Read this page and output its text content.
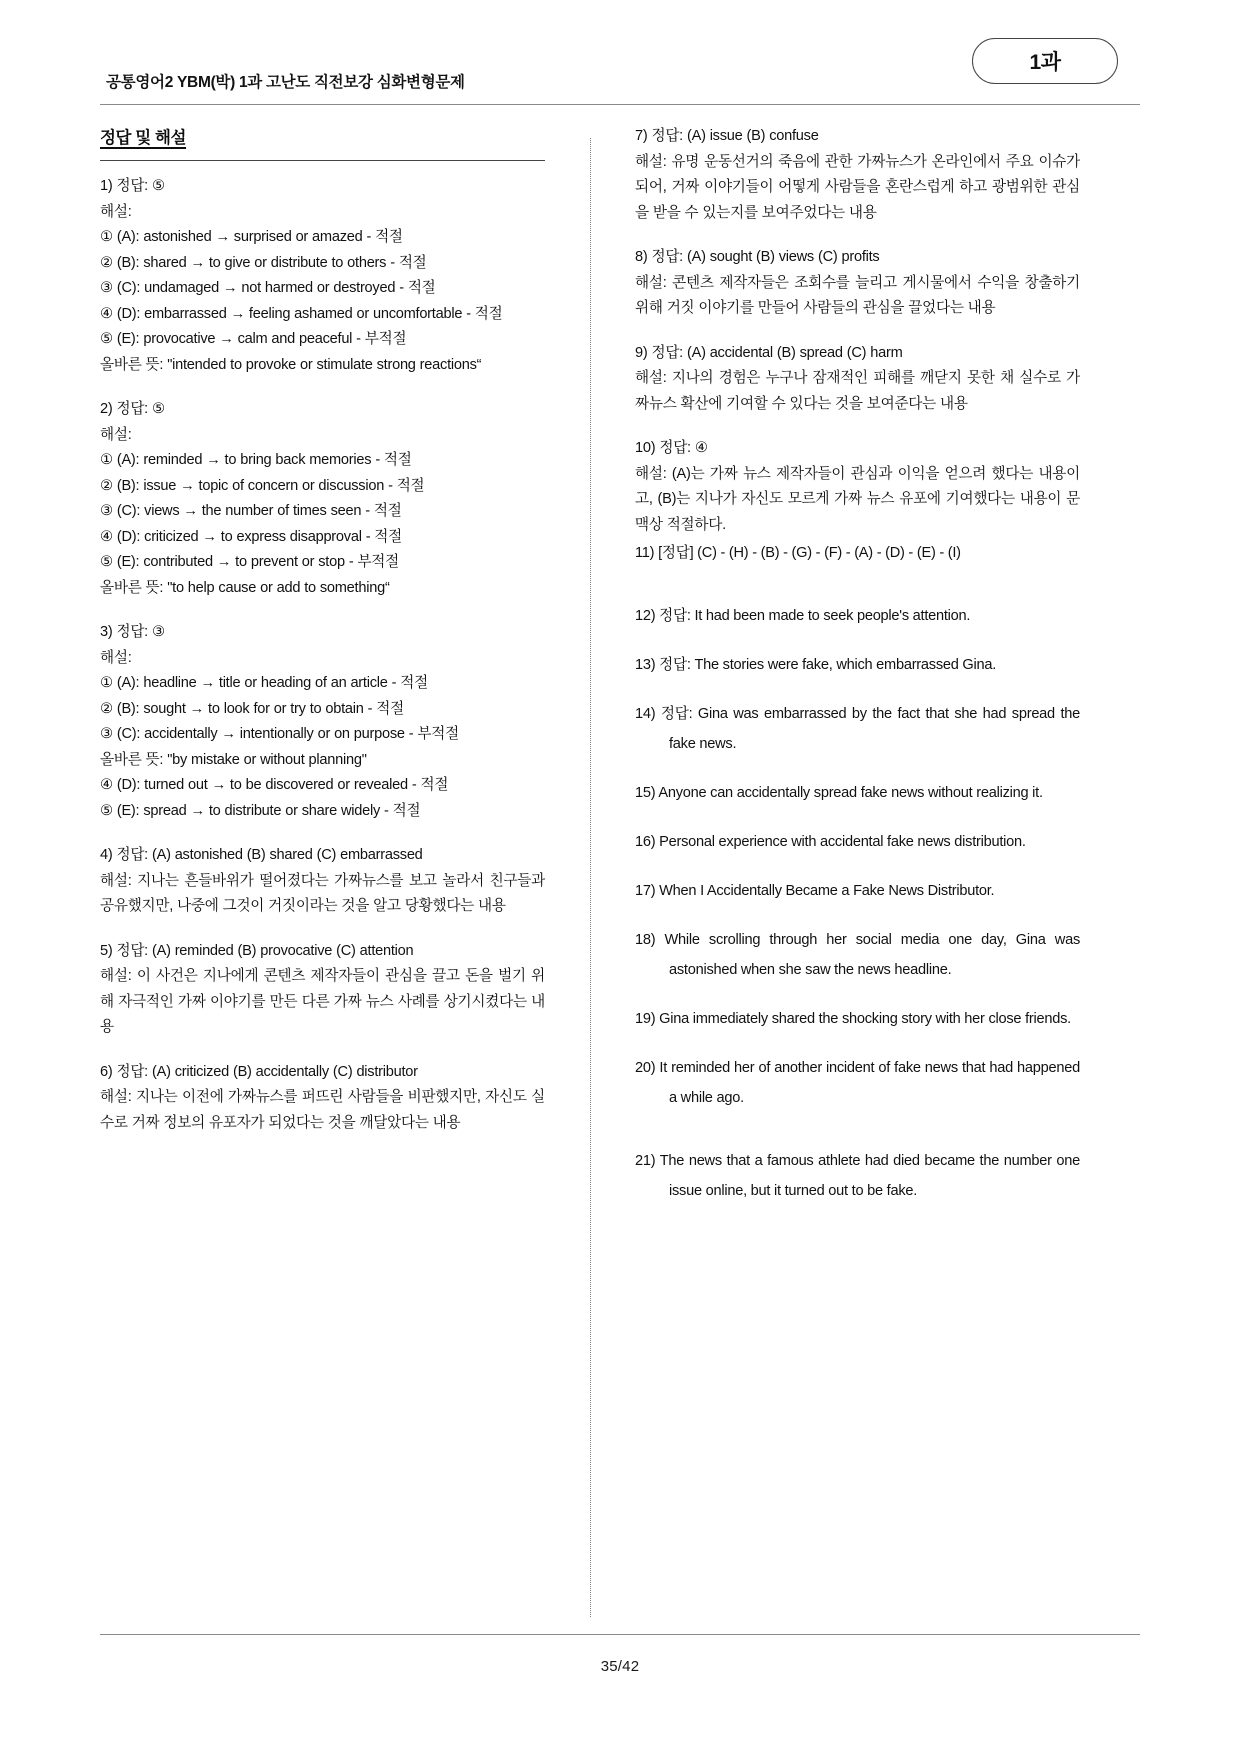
공통영어2 YBM(박) 1과 고난도 직전보강 심화변형문제
1과
정답 및 해설
1) 정답: ⑤
해설:
① (A): astonished → surprised or amazed - 적절
② (B): shared → to give or distribute to others - 적절
③ (C): undamaged → not harmed or destroyed - 적절
④ (D): embarrassed → feeling ashamed or uncomfortable - 적절
⑤ (E): provocative → calm and peaceful - 부적절
올바른 뜻: "intended to provoke or stimulate strong reactions“
2) 정답: ⑤
해설:
① (A): reminded → to bring back memories - 적절
② (B): issue → topic of concern or discussion - 적절
③ (C): views → the number of times seen - 적절
④ (D): criticized → to express disapproval - 적절
⑤ (E): contributed → to prevent or stop - 부적절
올바른 뜻: "to help cause or add to something“
3) 정답: ③
해설:
① (A): headline → title or heading of an article - 적절
② (B): sought → to look for or try to obtain - 적절
③ (C): accidentally → intentionally or on purpose - 부적절
올바른 뜻: "by mistake or without planning"
④ (D): turned out → to be discovered or revealed - 적절
⑤ (E): spread → to distribute or share widely - 적절
4) 정답: (A) astonished (B) shared (C) embarrassed
해설: 지나는 흔들바위가 떨어졌다는 가짜뉴스를 보고 놀라서 친구들과 공유했지만, 나중에 그것이 거짓이라는 것을 알고 당황했다는 내용
5) 정답: (A) reminded (B) provocative (C) attention
해설: 이 사건은 지나에게 콘텐츠 제작자들이 관심을 끌고 돈을 벌기 위해 자극적인 가짜 이야기를 만든 다른 가짜 뉴스 사례를 상기시켰다는 내용
6) 정답: (A) criticized (B) accidentally (C) distributor
해설: 지나는 이전에 가짜뉴스를 퍼뜨린 사람들을 비판했지만, 자신도 실수로 거짜 정보의 유포자가 되었다는 것을 깨달았다는 내용
7) 정답: (A) issue (B) confuse
해설: 유명 운동선거의 죽음에 관한 가짜뉴스가 온라인에서 주요 이슈가 되어, 거짜 이야기들이 어떻게 사람들을 혼란스럽게 하고 광범위한 관심을 받을 수 있는지를 보여주었다는 내용
8) 정답: (A) sought (B) views (C) profits
해설: 콘텐츠 제작자들은 조회수를 늘리고 게시물에서 수익을 창출하기 위해 거짓 이야기를 만들어 사람들의 관심을 끌었다는 내용
9) 정답: (A) accidental (B) spread (C) harm
해설: 지나의 경험은 누구나 잠재적인 피해를 깨닫지 못한 채 실수로 가짜뉴스 확산에 기여할 수 있다는 것을 보여준다는 내용
10) 정답: ④
해설: (A)는 가짜 뉴스 제작자들이 관심과 이익을 얻으려 했다는 내용이고, (B)는 지나가 자신도 모르게 가짜 뉴스 유포에 기여했다는 내용이 문맥상 적절하다.
11) [정답] (C) - (H) - (B) - (G) - (F) - (A) - (D) - (E) - (I)
12) 정답: It had been made to seek people's attention.
13) 정답: The stories were fake, which embarrassed Gina.
14) 정답: Gina was embarrassed by the fact that she had spread the fake news.
15) Anyone can accidentally spread fake news without realizing it.
16) Personal experience with accidental fake news distribution.
17) When I Accidentally Became a Fake News Distributor.
18) While scrolling through her social media one day, Gina was astonished when she saw the news headline.
19) Gina immediately shared the shocking story with her close friends.
20) It reminded her of another incident of fake news that had happened a while ago.
21) The news that a famous athlete had died became the number one issue online, but it turned out to be fake.
35/42
